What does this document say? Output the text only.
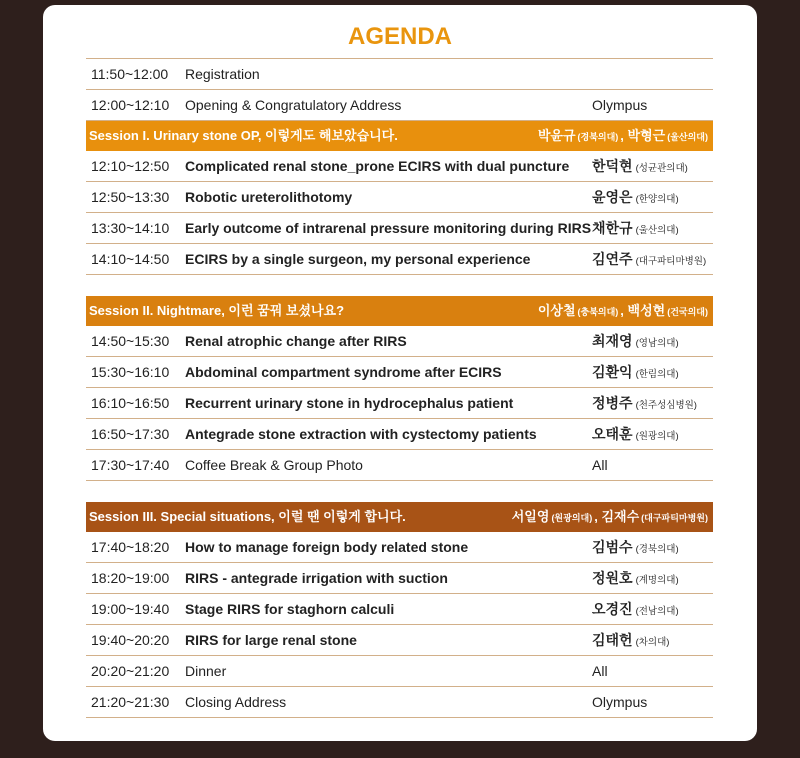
AGENDA
11:50~12:00 Registration
12:00~12:10 Opening & Congratulatory Address	Olympus
Session I. Urinary stone OP, 이렇게도 해보았습니다.	박윤규 (경북의대) , 박형근 (울산의대)
12:10~12:50 Complicated renal stone_prone ECIRS with dual puncture 한덕현 (성균관의대)
12:50~13:30 Robotic ureterolithotomy	윤영은 (한양의대)
13:30~14:10 Early outcome of intrarenal pressure monitoring during RIRS 채한규 (울산의대)
14:10~14:50 ECIRS by a single surgeon, my personal experience	김연주 (대구파티마병원)
Session II. Nightmare, 이런 꿈꿔 보셨나요?	이상철 (충북의대) , 백성현 (건국의대)
14:50~15:30 Renal atrophic change after RIRS	최재영 (영남의대)
15:30~16:10 Abdominal compartment syndrome after ECIRS	김환익 (한림의대)
16:10~16:50 Recurrent urinary stone in hydrocephalus patient	정병주 (천주성심병원)
16:50~17:30 Antegrade stone extraction with cystectomy patients	오태훈 (원광의대)
17:30~17:40 Coffee Break & Group Photo	All
Session III. Special situations, 이럴 땐 이렇게 합니다.	서일영 (원광의대) , 김재수 (대구파티마병원)
17:40~18:20 How to manage foreign body related stone	김범수 (경북의대)
18:20~19:00 RIRS - antegrade irrigation with suction	정원호 (계명의대)
19:00~19:40 Stage RIRS for staghorn calculi	오경진 (전남의대)
19:40~20:20 RIRS for large renal stone	김태헌 (차의대)
20:20~21:20 Dinner	All
21:20~21:30 Closing Address	Olympus
